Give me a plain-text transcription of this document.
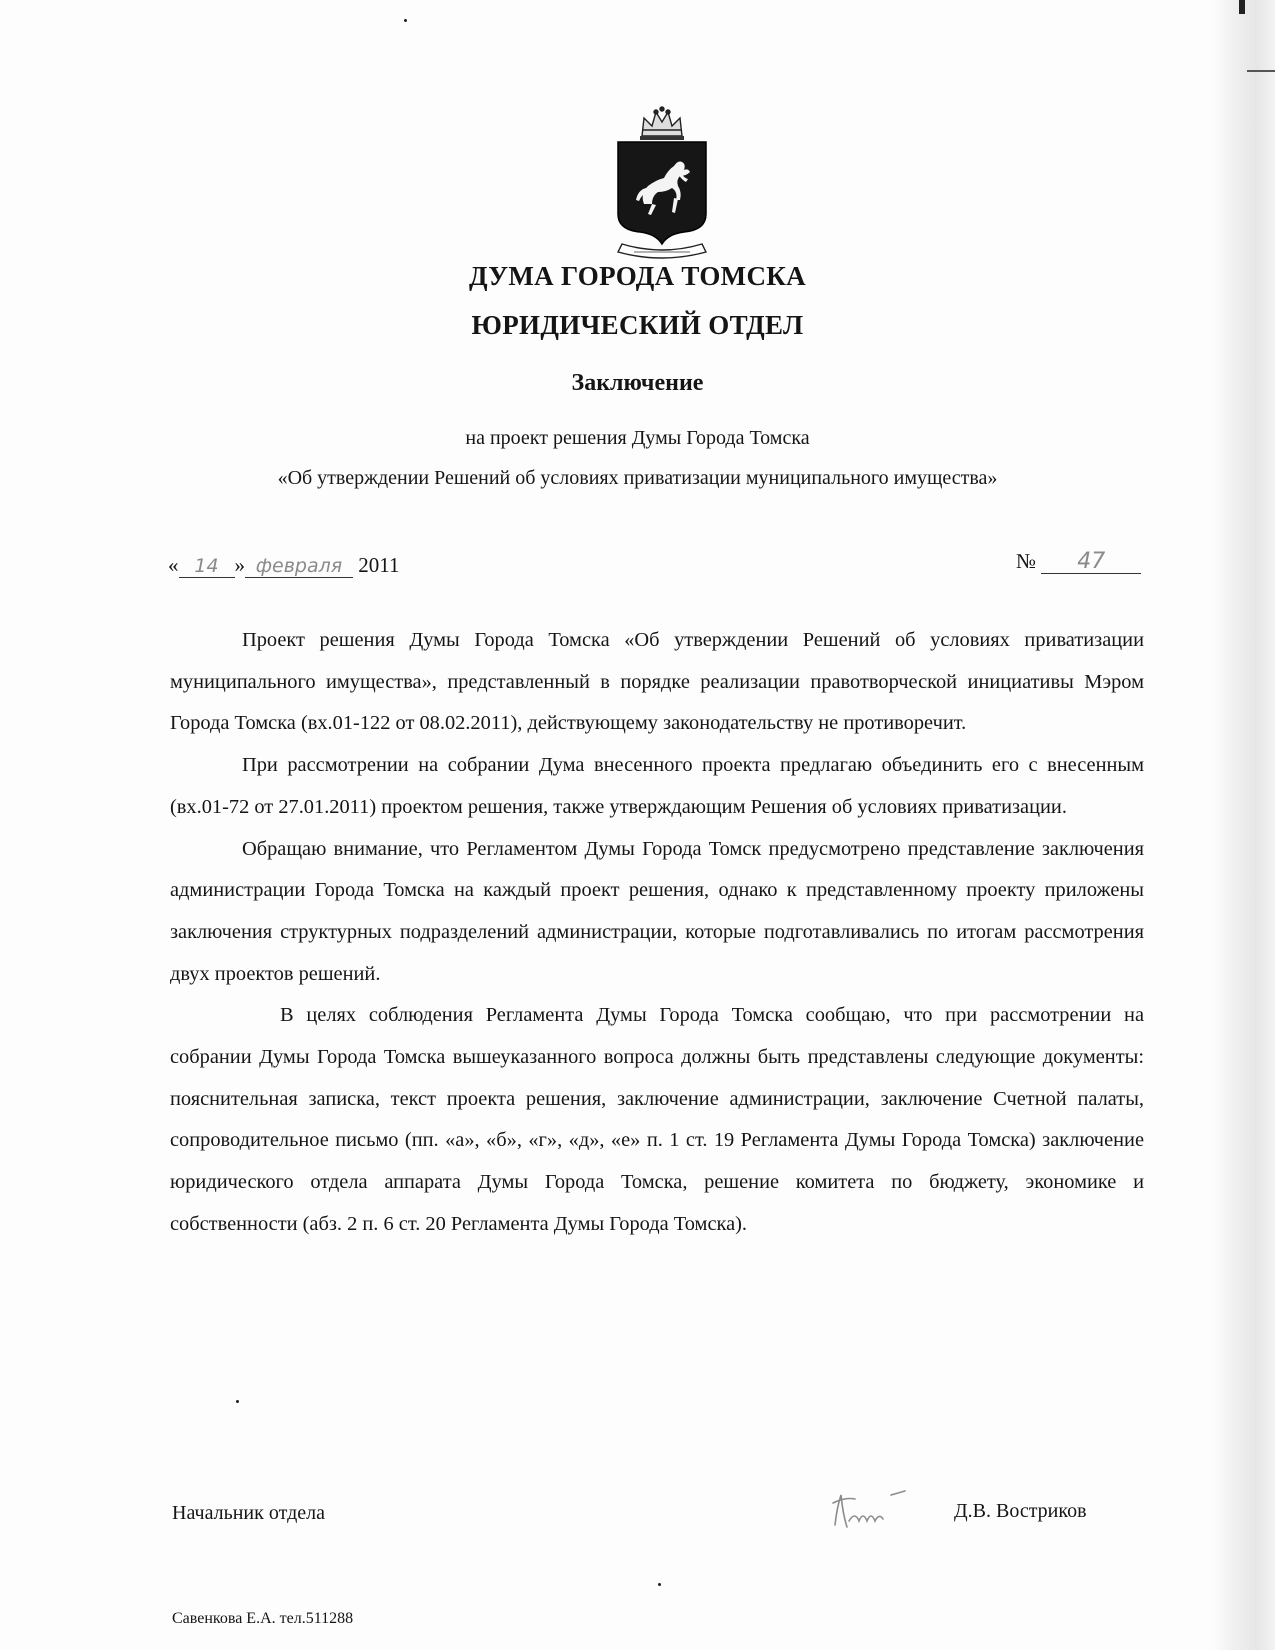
ДУМА ГОРОДА ТОМСКА
ЮРИДИЧЕСКИЙ ОТДЕЛ
Заключение

на проект решения Думы Города Томска

«Об утверждении Решений об условиях приватизации муниципального имущества»

« 14 » февраля 2011	№ 47

Проект решения Думы Города Томска «Об утверждении Решений об условиях приватизации муниципального имущества», представленный в порядке реализации правотворческой инициативы Мэром Города Томска (вх.01-122 от 08.02.2011), действующему законодательству не противоречит.

При рассмотрении на собрании Дума внесенного проекта предлагаю объединить его с внесенным (вх.01-72 от 27.01.2011) проектом решения, также утверждающим Решения об условиях приватизации.

Обращаю внимание, что Регламентом Думы Города Томск предусмотрено представление заключения администрации Города Томска на каждый проект решения, однако к представленному проекту приложены заключения структурных подразделений администрации, которые подготавливались по итогам рассмотрения двух проектов решений.

В целях соблюдения Регламента Думы Города Томска сообщаю, что при рассмотрении на собрании Думы Города Томска вышеуказанного вопроса должны быть представлены следующие документы: пояснительная записка, текст проекта решения, заключение администрации, заключение Счетной палаты, сопроводительное письмо (пп. «а», «б», «г», «д», «е» п. 1 ст. 19 Регламента Думы Города Томска) заключение юридического отдела аппарата Думы Города Томска, решение комитета по бюджету, экономике и собственности (абз. 2 п. 6 ст. 20 Регламента Думы Города Томска).

Начальник отдела	Д.В. Востриков
Савенкова Е.А. тел.511288
